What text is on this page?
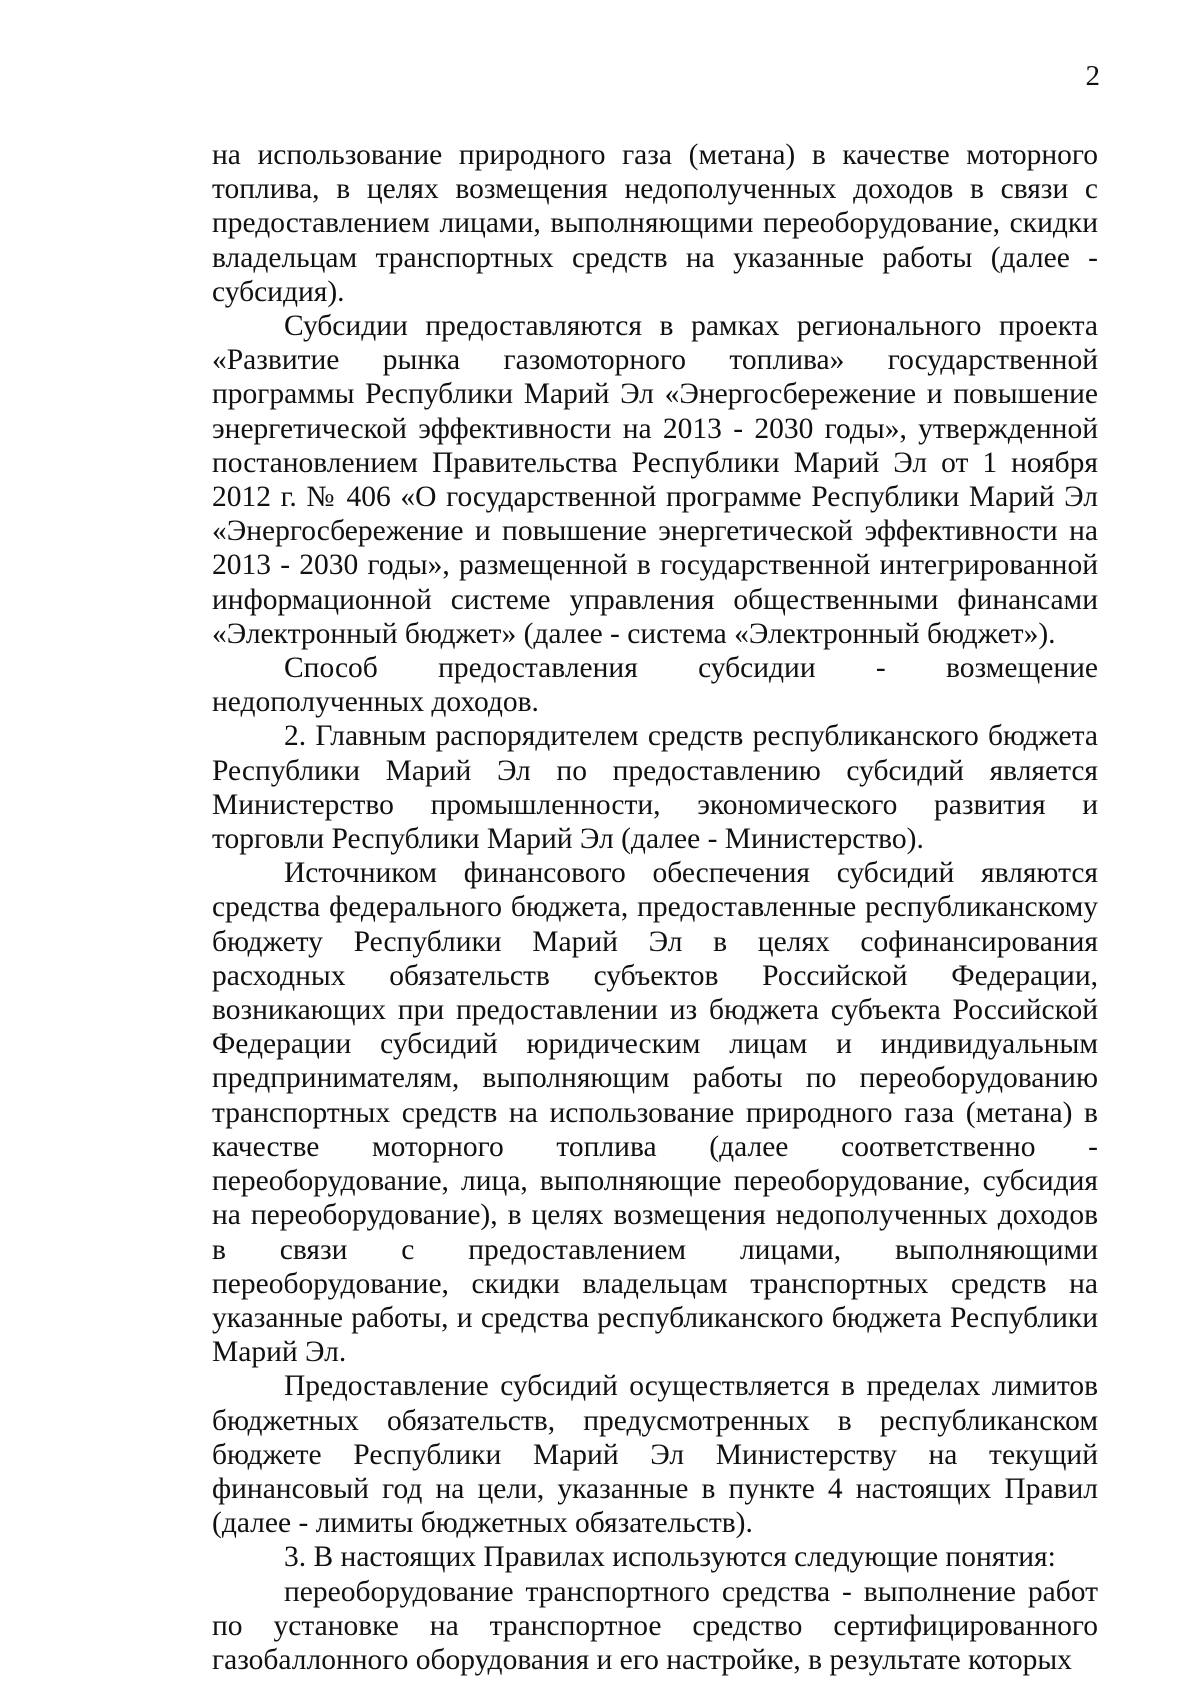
2

на использование природного газа (метана) в качестве моторного топлива, в целях возмещения недополученных доходов в связи с предоставлением лицами, выполняющими переоборудование, скидки владельцам транспортных средств на указанные работы (далее - субсидия).

Субсидии предоставляются в рамках регионального проекта «Развитие рынка газомоторного топлива» государственной программы Республики Марий Эл «Энергосбережение и повышение энергетической эффективности на 2013 - 2030 годы», утвержденной постановлением Правительства Республики Марий Эл от 1 ноября 2012 г. № 406 «О государственной программе Республики Марий Эл «Энергосбережение и повышение энергетической эффективности на 2013 - 2030 годы», размещенной в государственной интегрированной информационной системе управления общественными финансами «Электронный бюджет» (далее - система «Электронный бюджет»).

Способ предоставления субсидии - возмещение недополученных доходов.

2. Главным распорядителем средств республиканского бюджета Республики Марий Эл по предоставлению субсидий является Министерство промышленности, экономического развития и торговли Республики Марий Эл (далее - Министерство).

Источником финансового обеспечения субсидий являются средства федерального бюджета, предоставленные республиканскому бюджету Республики Марий Эл в целях софинансирования расходных обязательств субъектов Российской Федерации, возникающих при предоставлении из бюджета субъекта Российской Федерации субсидий юридическим лицам и индивидуальным предпринимателям, выполняющим работы по переоборудованию транспортных средств на использование природного газа (метана) в качестве моторного топлива (далее соответственно - переоборудование, лица, выполняющие переоборудование, субсидия на переоборудование), в целях возмещения недополученных доходов в связи с предоставлением лицами, выполняющими переоборудование, скидки владельцам транспортных средств на указанные работы, и средства республиканского бюджета Республики Марий Эл.

Предоставление субсидий осуществляется в пределах лимитов бюджетных обязательств, предусмотренных в республиканском бюджете Республики Марий Эл Министерству на текущий финансовый год на цели, указанные в пункте 4 настоящих Правил (далее - лимиты бюджетных обязательств).

3. В настоящих Правилах используются следующие понятия:

переоборудование транспортного средства - выполнение работ по установке на транспортное средство сертифицированного газобаллонного оборудования и его настройке, в результате которых
